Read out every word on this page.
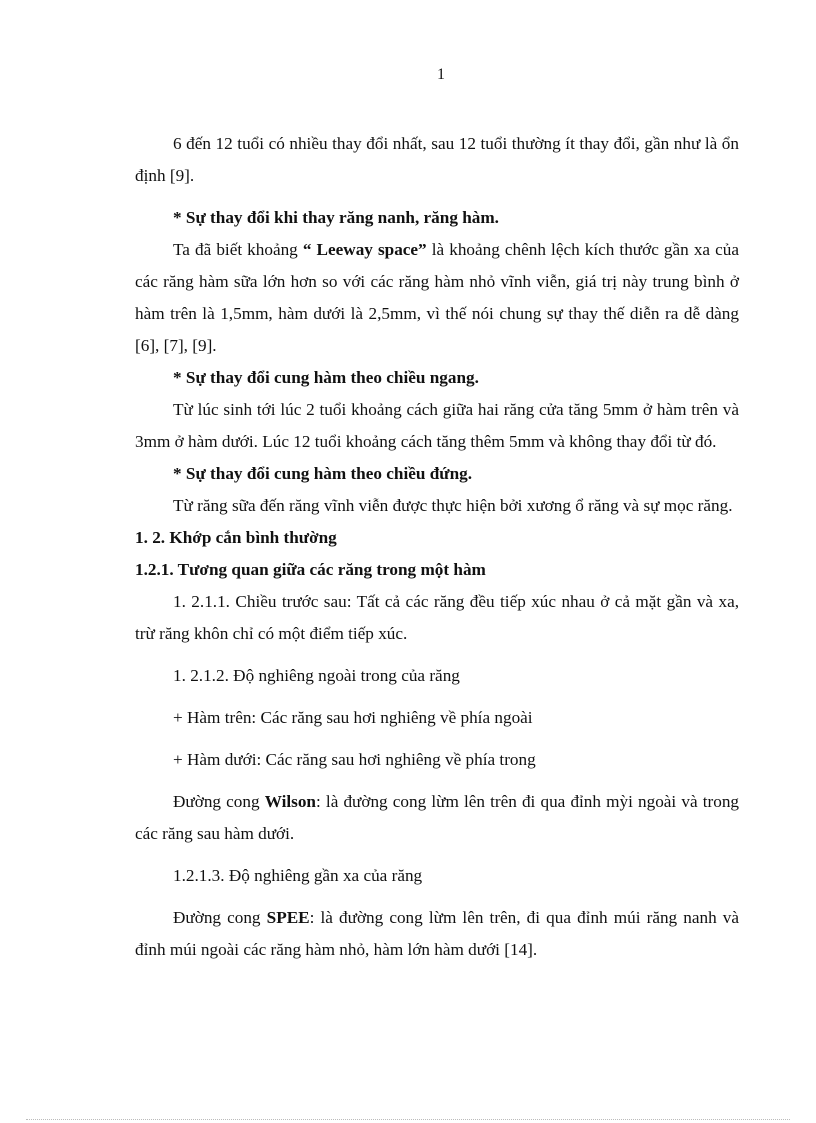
1

6 đến 12 tuổi có nhiều thay đổi nhất, sau 12 tuổi thường ít thay đổi, gần như là ổn định [9].

* Sự thay đổi khi thay răng nanh, răng hàm.

Ta đã biết khoảng “ Leeway space” là khoảng chênh lệch kích thước gần xa của các răng hàm sữa lớn hơn so với các răng hàm nhỏ vĩnh viễn, giá trị này trung bình ở hàm trên là 1,5mm, hàm dưới là 2,5mm, vì thế nói chung sự thay thế diễn ra dễ dàng [6], [7], [9].

* Sự thay đổi cung hàm theo chiều ngang.

Từ lúc sinh tới lúc 2 tuổi khoảng cách giữa hai răng cửa tăng 5mm ở hàm trên và 3mm ở hàm dưới. Lúc 12 tuổi khoảng cách tăng thêm 5mm và không thay đổi từ đó.

* Sự thay đổi cung hàm theo chiều đứng.

Từ răng sữa đến răng vĩnh viễn được thực hiện bởi xương ổ răng và sự mọc răng.

1. 2. Khớp cắn bình thường

1.2.1. Tương quan giữa các răng trong một hàm

1. 2.1.1. Chiều trước sau: Tất cả các răng đều tiếp xúc nhau ở cả mặt gần và xa, trừ răng khôn chỉ có một điểm tiếp xúc.

1. 2.1.2. Độ nghiêng ngoài trong của răng

+ Hàm trên: Các răng sau hơi nghiêng về phía ngoài

+ Hàm dưới: Các răng sau hơi nghiêng về phía trong

Đường cong Wilson: là đường cong lừm lên trên đi qua đỉnh mỳi ngoài và trong các răng sau hàm dưới.

1.2.1.3. Độ nghiêng gần xa của răng

Đường cong SPEE: là đường cong lừm lên trên, đi qua đỉnh múi răng nanh và đỉnh múi ngoài các răng hàm nhỏ, hàm lớn hàm dưới [14].
